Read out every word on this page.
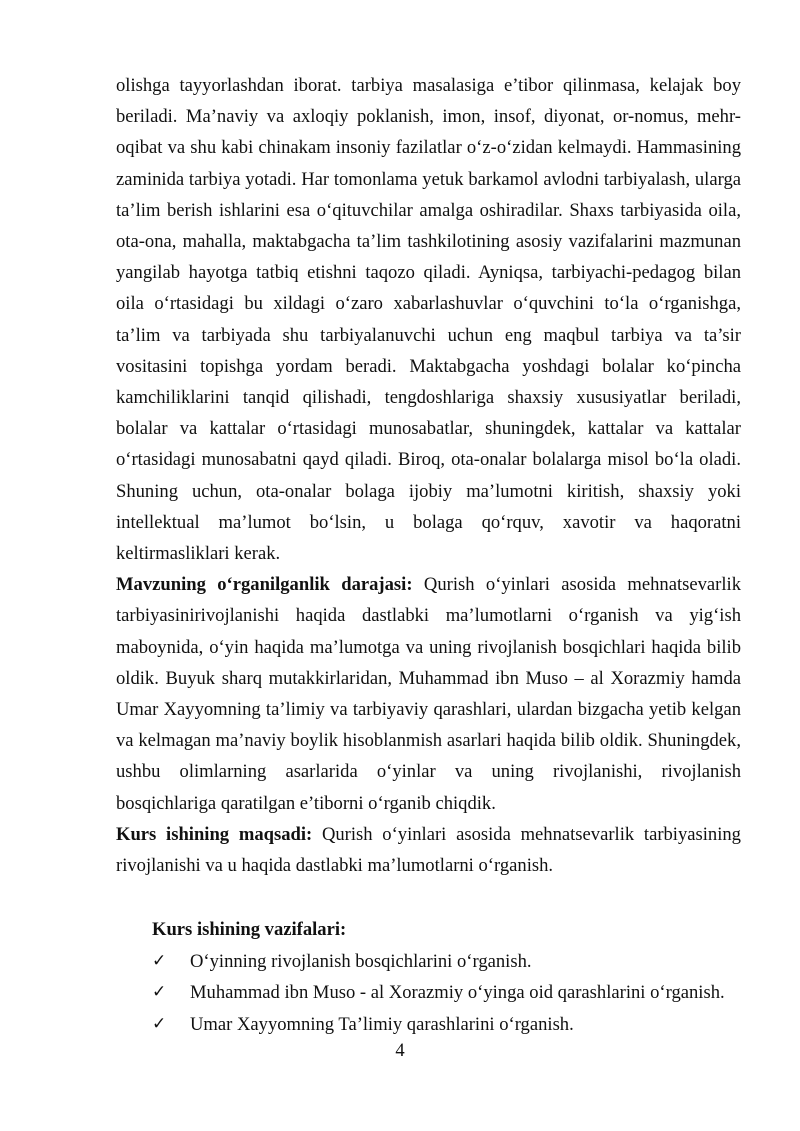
olishga tayyorlashdan iborat. tarbiya masalasiga e’tibor qilinmasa, kelajak boy beriladi. Ma’naviy va axloqiy poklanish, imon, insof, diyonat, or-nomus, mehr-oqibat va shu kabi chinakam insoniy fazilatlar o‘z-o‘zidan kelmaydi. Hammasining zaminida tarbiya yotadi. Har tomonlama yetuk barkamol avlodni tarbiyalash, ularga ta’lim berish ishlarini esa o‘qituvchilar amalga oshiradilar. Shaxs tarbiyasida oila, ota-ona, mahalla, maktabgacha ta’lim tashkilotining asosiy vazifalarini mazmunan yangilab hayotga tatbiq etishni taqozo qiladi. Ayniqsa, tarbiyachi-pedagog bilan oila o‘rtasidagi bu xildagi o‘zaro xabarlashuvlar o‘quvchini to‘la o‘rganishga, ta’lim va tarbiyada shu tarbiyalanuvchi uchun eng maqbul tarbiya va ta’sir vositasini topishga yordam beradi. Maktabgacha yoshdagi bolalar ko‘pincha kamchiliklarini tanqid qilishadi, tengdoshlariga shaxsiy xususiyatlar beriladi, bolalar va kattalar o‘rtasidagi munosabatlar, shuningdek, kattalar va kattalar o‘rtasidagi munosabatni qayd qiladi. Biroq, ota-onalar bolalarga misol bo‘la oladi. Shuning uchun, ota-onalar bolaga ijobiy ma’lumotni kiritish, shaxsiy yoki intellektual ma’lumot bo‘lsin, u bolaga qo‘rquv, xavotir va haqoratni keltirmasliklari kerak.

Mavzuning o‘rganilganlik darajasi: Qurish o‘yinlari asosida mehnatsevarlik tarbiyasinirivojlanishi haqida dastlabki ma’lumotlarni o‘rganish va yig‘ish maboynida, o‘yin haqida ma’lumotga va uning rivojlanish bosqichlari haqida bilib oldik. Buyuk sharq mutakkirlaridan, Muhammad ibn Muso – al Xorazmiy hamda Umar Xayyomning ta’limiy va tarbiyaviy qarashlari, ulardan bizgacha yetib kelgan va kelmagan ma’naviy boylik hisoblanmish asarlari haqida bilib oldik. Shuningdek, ushbu olimlarning asarlarida o‘yinlar va uning rivojlanishi, rivojlanish bosqichlariga qaratilgan e’tiborni o‘rganib chiqdik.

Kurs ishining maqsadi: Qurish o‘yinlari asosida mehnatsevarlik tarbiyasining rivojlanishi va u haqida dastlabki ma’lumotlarni o‘rganish.

Kurs ishining vazifalari:

✓	O‘yinning rivojlanish bosqichlarini o‘rganish.
✓	Muhammad ibn Muso - al Xorazmiy o‘yinga oid qarashlarini o‘rganish.
✓	Umar Xayyomning Ta’limiy qarashlarini o‘rganish.
4
